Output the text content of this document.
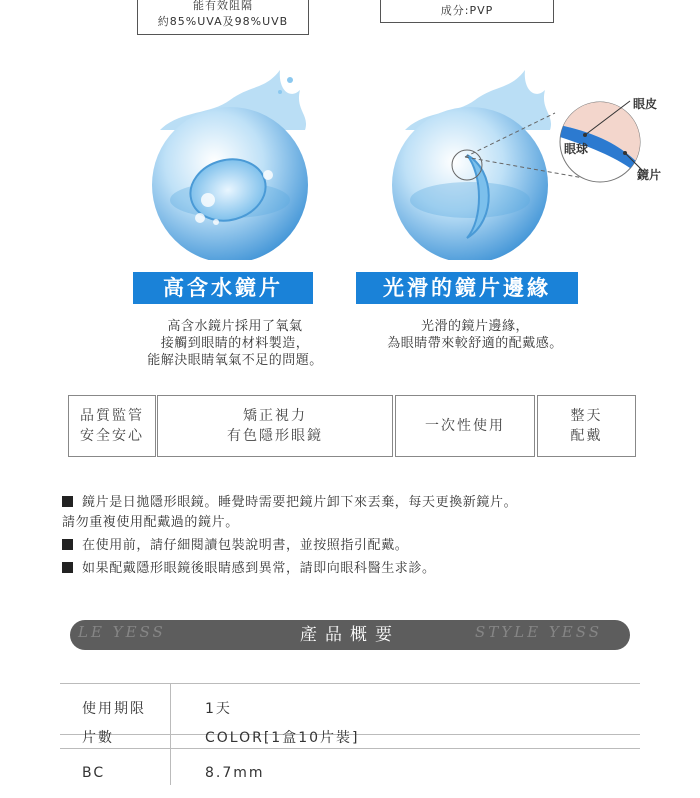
能有效阻隔
約85%UVA及98%UVB
成分:PVP
眼皮
眼球
鏡片
高含水鏡片	光滑的鏡片邊緣
高含水鏡片採用了氧氣
接觸到眼睛的材料製造，
能解決眼睛氧氣不足的問題。
光滑的鏡片邊緣，
為眼睛帶來較舒適的配戴感。
品質監管
安全安心
矯正視力
有色隱形眼鏡
一次性使用
整天
配戴
鏡片是日拋隱形眼鏡。睡覺時需要把鏡片卸下來丟棄，每天更換新鏡片。
請勿重複使用配戴過的鏡片。
在使用前，請仔細閱讀包裝說明書，並按照指引配戴。
如果配戴隱形眼鏡後眼睛感到異常，請即向眼科醫生求診。
LE YESS	STYLE YESS
產品概要
使用期限	1天
片數	COLOR[1盒10片裝]
BC	8.7mm
